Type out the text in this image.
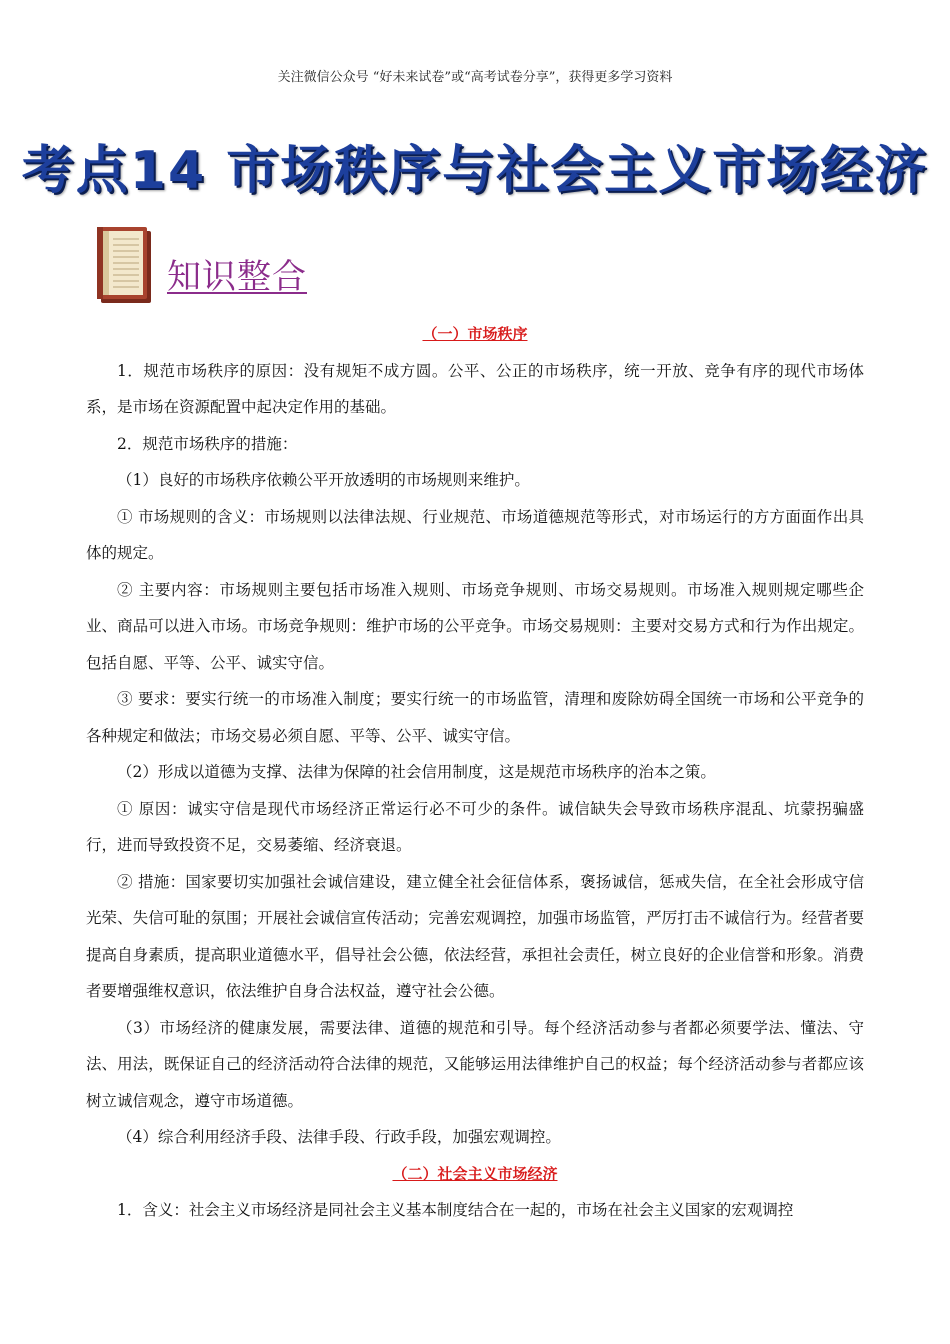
关注微信公众号 “好未来试卷”或“高考试卷分享”，获得更多学习资料
考点14 市场秩序与社会主义市场经济
知识整合

（一）市场秩序

1．规范市场秩序的原因：没有规矩不成方圆。公平、公正的市场秩序，统一开放、竞争有序的现代市场体系，是市场在资源配置中起决定作用的基础。

2．规范市场秩序的措施：

（1）良好的市场秩序依赖公平开放透明的市场规则来维护。

① 市场规则的含义：市场规则以法律法规、行业规范、市场道德规范等形式，对市场运行的方方面面作出具体的规定。

② 主要内容：市场规则主要包括市场准入规则、市场竞争规则、市场交易规则。市场准入规则规定哪些企业、商品可以进入市场。市场竞争规则：维护市场的公平竞争。市场交易规则：主要对交易方式和行为作出规定。包括自愿、平等、公平、诚实守信。

③ 要求：要实行统一的市场准入制度；要实行统一的市场监管，清理和废除妨碍全国统一市场和公平竞争的各种规定和做法；市场交易必须自愿、平等、公平、诚实守信。

（2）形成以道德为支撑、法律为保障的社会信用制度，这是规范市场秩序的治本之策。

① 原因：诚实守信是现代市场经济正常运行必不可少的条件。诚信缺失会导致市场秩序混乱、坑蒙拐骗盛行，进而导致投资不足，交易萎缩、经济衰退。

② 措施：国家要切实加强社会诚信建设，建立健全社会征信体系，褒扬诚信，惩戒失信，在全社会形成守信光荣、失信可耻的氛围；开展社会诚信宣传活动；完善宏观调控，加强市场监管，严厉打击不诚信行为。经营者要提高自身素质，提高职业道德水平，倡导社会公德，依法经营，承担社会责任，树立良好的企业信誉和形象。消费者要增强维权意识，依法维护自身合法权益，遵守社会公德。

（3）市场经济的健康发展，需要法律、道德的规范和引导。每个经济活动参与者都必须要学法、懂法、守法、用法，既保证自己的经济活动符合法律的规范，又能够运用法律维护自己的权益；每个经济活动参与者都应该树立诚信观念，遵守市场道德。

（4）综合利用经济手段、法律手段、行政手段，加强宏观调控。

（二）社会主义市场经济

1．含义：社会主义市场经济是同社会主义基本制度结合在一起的，市场在社会主义国家的宏观调控
